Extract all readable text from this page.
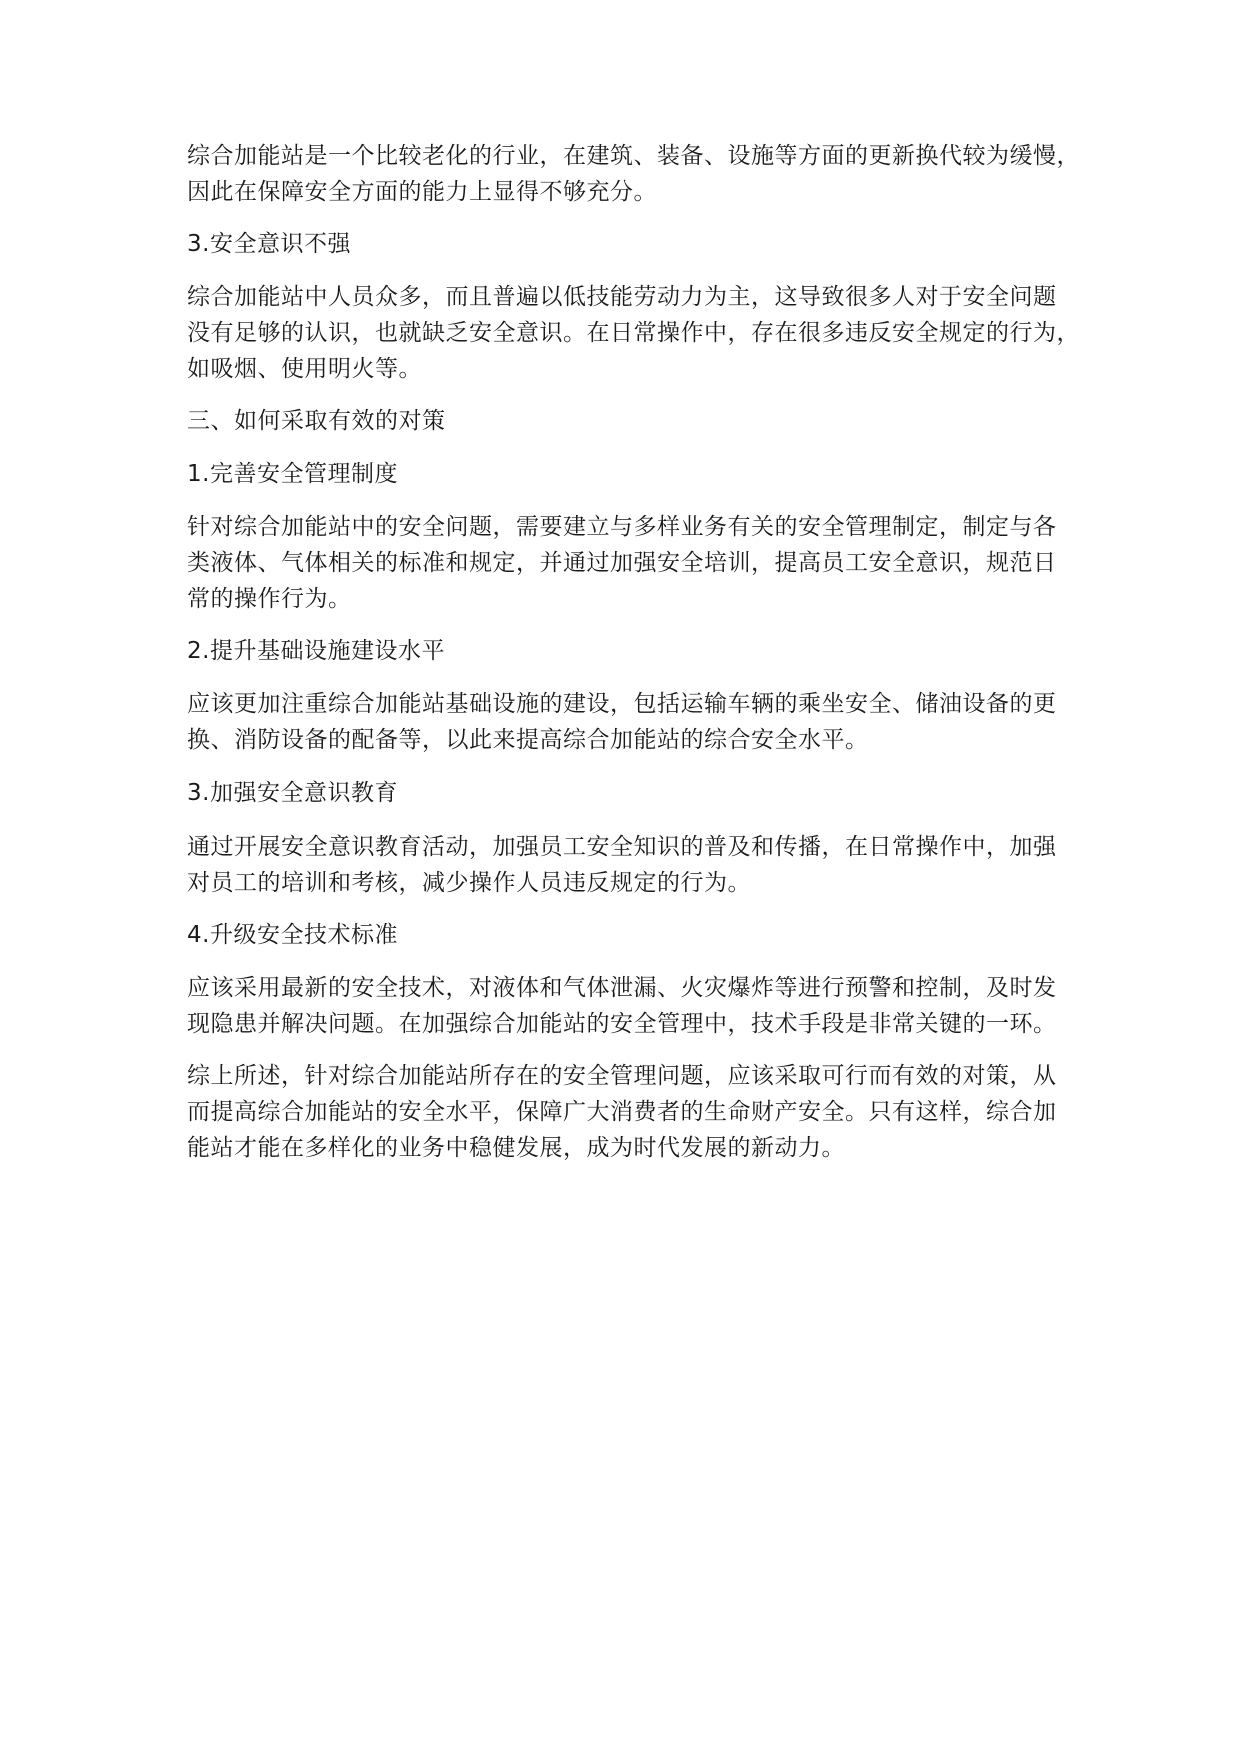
综合加能站是一个比较老化的行业，在建筑、装备、设施等方面的更新换代较为缓慢，
因此在保障安全方面的能力上显得不够充分。

3.安全意识不强

综合加能站中人员众多，而且普遍以低技能劳动力为主，这导致很多人对于安全问题
没有足够的认识，也就缺乏安全意识。在日常操作中，存在很多违反安全规定的行为，
如吸烟、使用明火等。

三、如何采取有效的对策

1.完善安全管理制度

针对综合加能站中的安全问题，需要建立与多样业务有关的安全管理制定，制定与各
类液体、气体相关的标准和规定，并通过加强安全培训，提高员工安全意识，规范日
常的操作行为。

2.提升基础设施建设水平

应该更加注重综合加能站基础设施的建设，包括运输车辆的乘坐安全、储油设备的更
换、消防设备的配备等，以此来提高综合加能站的综合安全水平。

3.加强安全意识教育

通过开展安全意识教育活动，加强员工安全知识的普及和传播，在日常操作中，加强
对员工的培训和考核，减少操作人员违反规定的行为。

4.升级安全技术标准

应该采用最新的安全技术，对液体和气体泄漏、火灾爆炸等进行预警和控制，及时发
现隐患并解决问题。在加强综合加能站的安全管理中，技术手段是非常关键的一环。

综上所述，针对综合加能站所存在的安全管理问题，应该采取可行而有效的对策，从
而提高综合加能站的安全水平，保障广大消费者的生命财产安全。只有这样，综合加
能站才能在多样化的业务中稳健发展，成为时代发展的新动力。
